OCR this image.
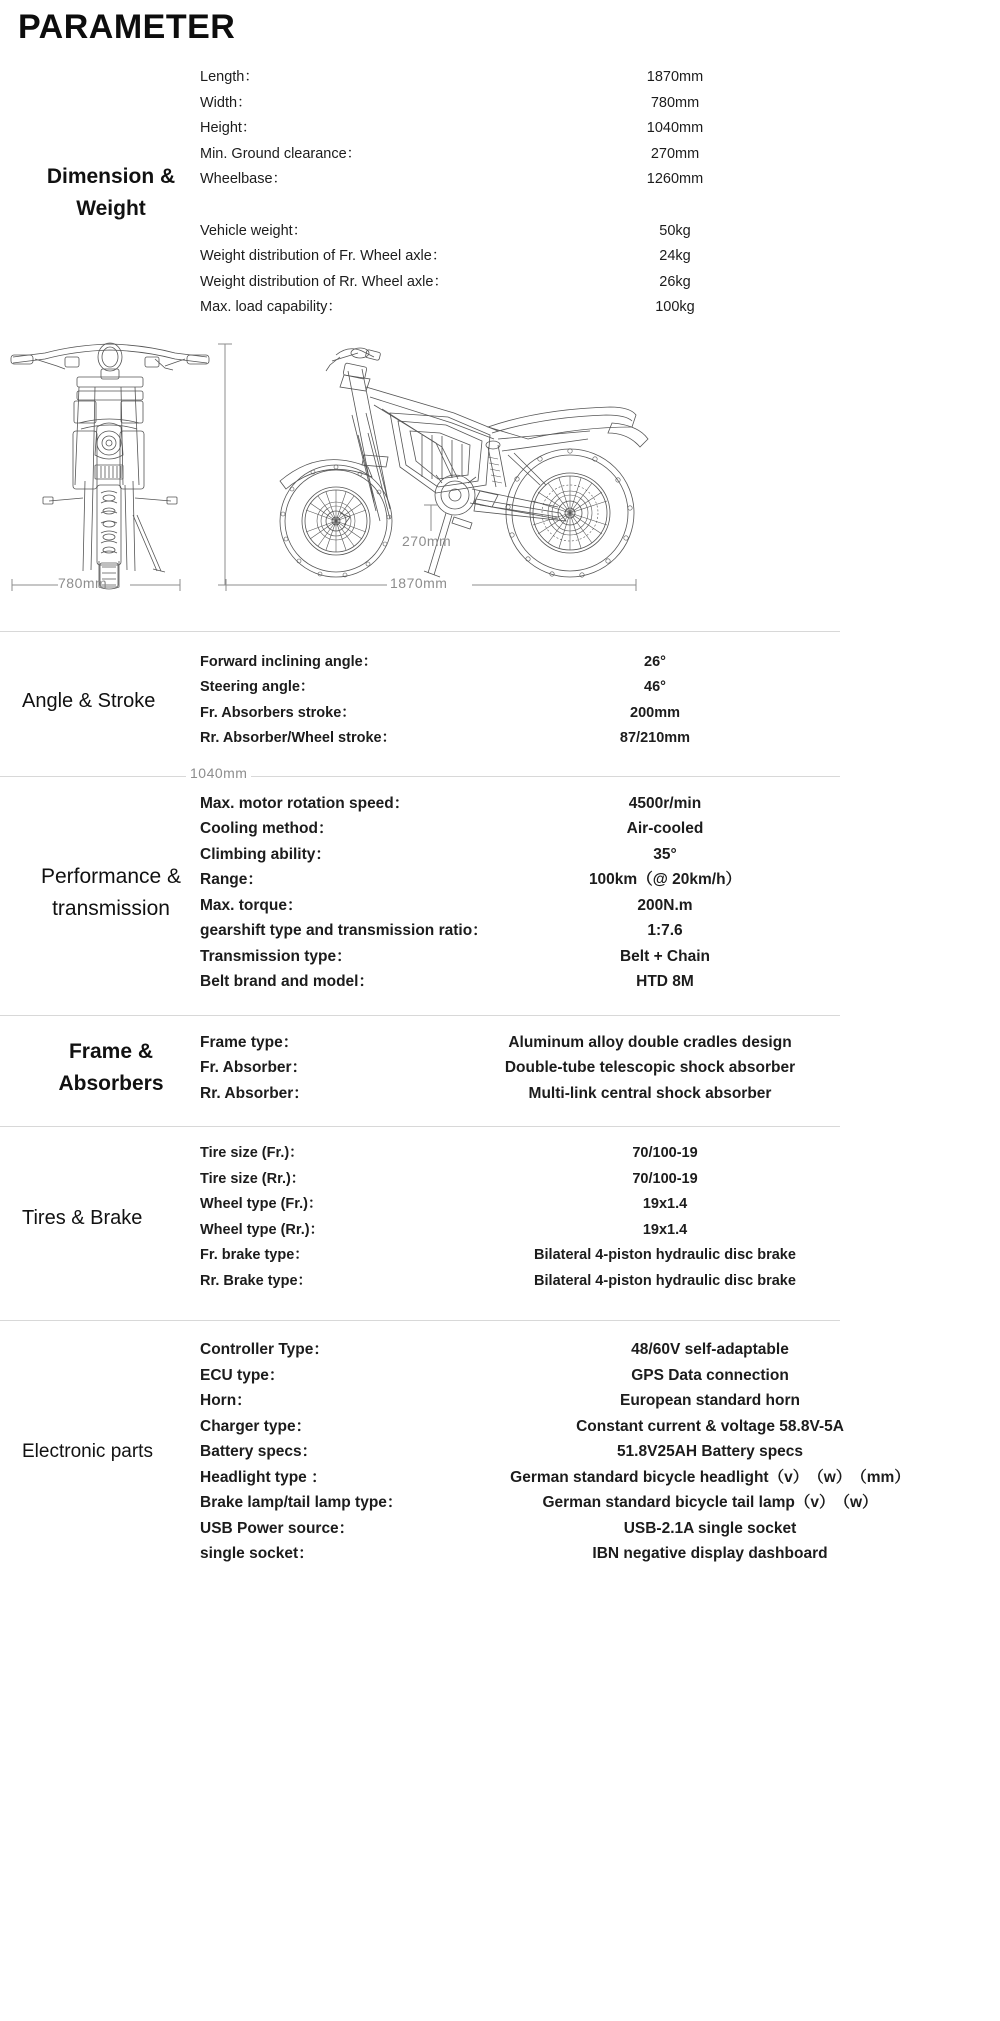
PARAMETER
Dimension &
Weight
Length：	1870mm
Width：	780mm
Height：	1040mm
Min. Ground clearance：	270mm
Wheelbase：	1260mm
Vehicle weight：	50kg
Weight distribution of Fr. Wheel axle：	24kg
Weight distribution of Rr. Wheel axle：	26kg
Max. load capability：	100kg
1040mm
270mm
780mm	1870mm
Angle & Stroke
Forward inclining angle：	26°
Steering angle：	46°
Fr. Absorbers stroke：	200mm
Rr. Absorber/Wheel stroke：	87/210mm
Performance &
transmission
Max. motor rotation speed：	4500r/min
Cooling method：	Air-cooled
Climbing ability：	35°
Range：	100km（@ 20km/h）
Max. torque：	200N.m
gearshift type and transmission ratio：	1:7.6
Transmission type：	Belt + Chain
Belt brand and model：	HTD 8M
Frame &
Absorbers
Frame type：	Aluminum alloy double cradles design
Fr. Absorber：	Double-tube telescopic shock absorber
Rr. Absorber：	Multi-link central shock absorber
Tires & Brake
Tire size (Fr.)：	70/100-19
Tire size (Rr.)：	70/100-19
Wheel type (Fr.)：	19x1.4
Wheel type (Rr.)：	19x1.4
Fr. brake type：	Bilateral 4-piston hydraulic disc brake
Rr. Brake type：	Bilateral 4-piston hydraulic disc brake
Electronic parts
Controller Type：	48/60V self-adaptable
ECU type：	GPS Data connection
Horn：	European standard horn
Charger type：	Constant current & voltage 58.8V-5A
Battery specs：	51.8V25AH Battery specs
Headlight type ：	German standard bicycle headlight（v）　（w）　（mm）
Brake lamp/tail lamp type：	German standard bicycle tail lamp（v）　（w）
USB Power source：	USB-2.1A single socket
single socket：	IBN negative display dashboard
